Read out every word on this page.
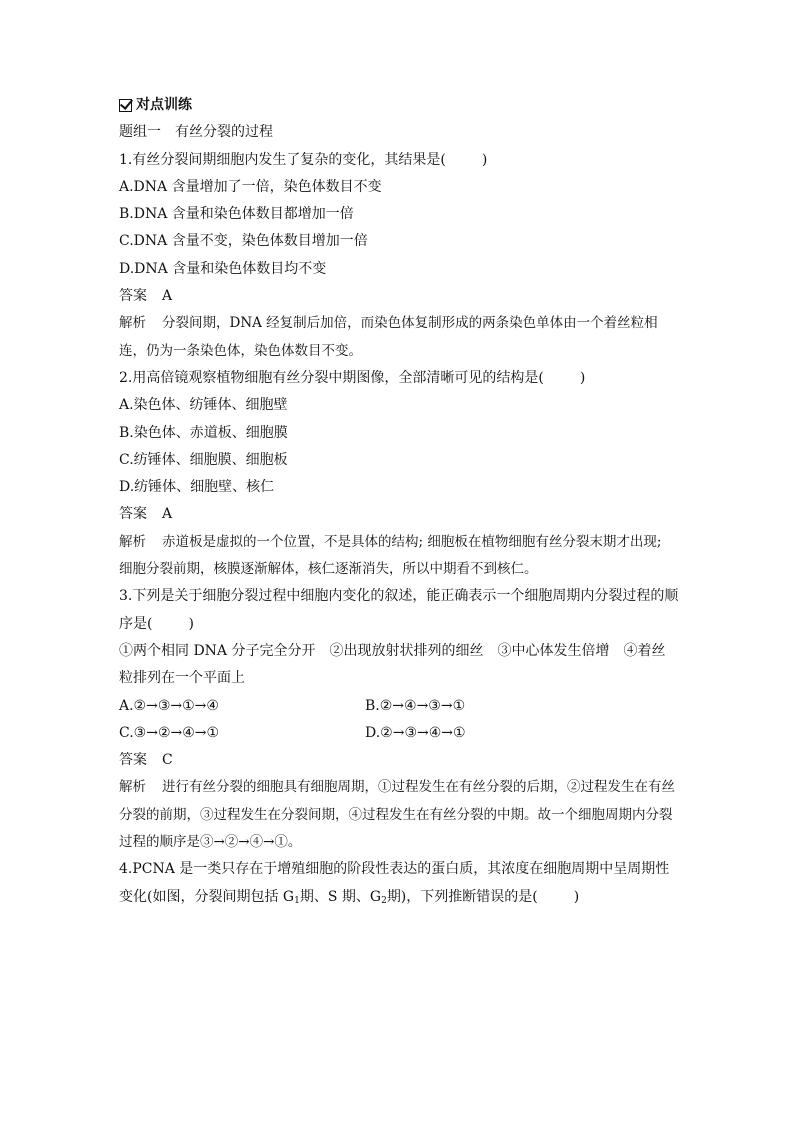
对点训练
题组一 有丝分裂的过程
1.有丝分裂间期细胞内发生了复杂的变化，其结果是(	)
A.DNA 含量增加了一倍，染色体数目不变
B.DNA 含量和染色体数目都增加一倍
C.DNA 含量不变，染色体数目增加一倍
D.DNA 含量和染色体数目均不变
答案 A
解析 分裂间期，DNA 经复制后加倍，而染色体复制形成的两条染色单体由一个着丝粒相连，仍为一条染色体，染色体数目不变。
2.用高倍镜观察植物细胞有丝分裂中期图像，全部清晰可见的结构是(	)
A.染色体、纺锤体、细胞壁
B.染色体、赤道板、细胞膜
C.纺锤体、细胞膜、细胞板
D.纺锤体、细胞壁、核仁
答案 A
解析 赤道板是虚拟的一个位置，不是具体的结构; 细胞板在植物细胞有丝分裂末期才出现; 细胞分裂前期，核膜逐渐解体，核仁逐渐消失，所以中期看不到核仁。
3.下列是关于细胞分裂过程中细胞内变化的叙述，能正确表示一个细胞周期内分裂过程的顺序是(	)
①两个相同 DNA 分子完全分开　②出现放射状排列的细丝　③中心体发生倍增　④着丝粒排列在一个平面上
A.②→③→①→④	B.②→④→③→①
C.③→②→④→①	D.②→③→④→①
答案 C
解析 进行有丝分裂的细胞具有细胞周期，①过程发生在有丝分裂的后期，②过程发生在有丝分裂的前期，③过程发生在分裂间期，④过程发生在有丝分裂的中期。故一个细胞周期内分裂过程的顺序是③→②→④→①。
4.PCNA 是一类只存在于增殖细胞的阶段性表达的蛋白质，其浓度在细胞周期中呈周期性变化(如图，分裂间期包括 $G_1$期、S 期、$G_2$期)，下列推断错误的是(	)
